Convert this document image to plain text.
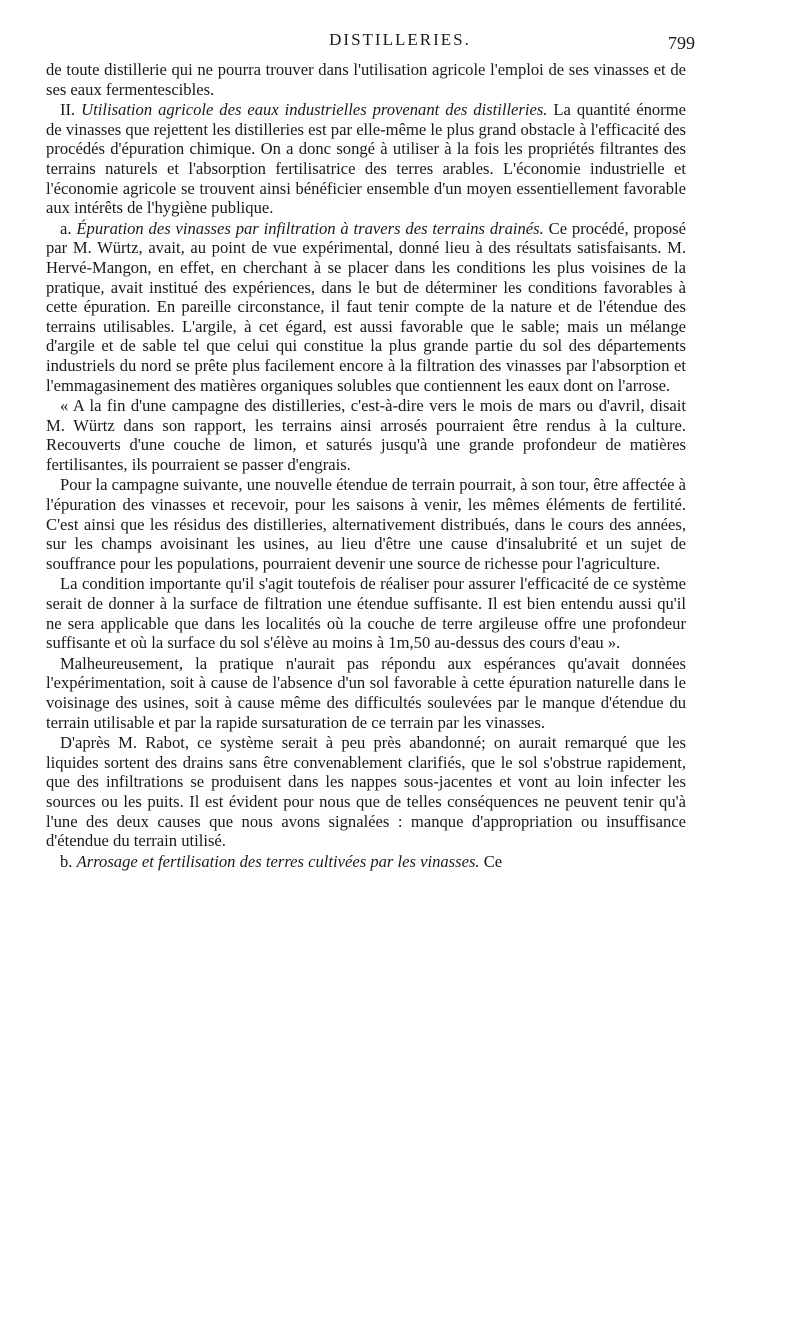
DISTILLERIES.	799

de toute distillerie qui ne pourra trouver dans l'utilisation agricole l'emploi de ses vinasses et de ses eaux fermentescibles.

II. Utilisation agricole des eaux industrielles provenant des distilleries. La quantité énorme de vinasses que rejettent les distilleries est par elle-même le plus grand obstacle à l'efficacité des procédés d'épuration chimique. On a donc songé à utiliser à la fois les propriétés filtrantes des terrains naturels et l'absorption fertilisatrice des terres arables. L'économie industrielle et l'économie agricole se trouvent ainsi bénéficier ensemble d'un moyen essentiellement favorable aux intérêts de l'hygiène publique.

a. Épuration des vinasses par infiltration à travers des terrains drainés. Ce procédé, proposé par M. Würtz, avait, au point de vue expérimental, donné lieu à des résultats satisfaisants. M. Hervé-Mangon, en effet, en cherchant à se placer dans les conditions les plus voisines de la pratique, avait institué des expériences, dans le but de déterminer les conditions favorables à cette épuration. En pareille circonstance, il faut tenir compte de la nature et de l'étendue des terrains utilisables. L'argile, à cet égard, est aussi favorable que le sable; mais un mélange d'argile et de sable tel que celui qui constitue la plus grande partie du sol des départements industriels du nord se prête plus facilement encore à la filtration des vinasses par l'absorption et l'emmagasinement des matières organiques solubles que contiennent les eaux dont on l'arrose.

« A la fin d'une campagne des distilleries, c'est-à-dire vers le mois de mars ou d'avril, disait M. Würtz dans son rapport, les terrains ainsi arrosés pourraient être rendus à la culture. Recouverts d'une couche de limon, et saturés jusqu'à une grande profondeur de matières fertilisantes, ils pourraient se passer d'engrais.

Pour la campagne suivante, une nouvelle étendue de terrain pourrait, à son tour, être affectée à l'épuration des vinasses et recevoir, pour les saisons à venir, les mêmes éléments de fertilité. C'est ainsi que les résidus des distilleries, alternativement distribués, dans le cours des années, sur les champs avoisinant les usines, au lieu d'être une cause d'insalubrité et un sujet de souffrance pour les populations, pourraient devenir une source de richesse pour l'agriculture.

La condition importante qu'il s'agit toutefois de réaliser pour assurer l'efficacité de ce système serait de donner à la surface de filtration une étendue suffisante. Il est bien entendu aussi qu'il ne sera applicable que dans les localités où la couche de terre argileuse offre une profondeur suffisante et où la surface du sol s'élève au moins à 1m,50 au-dessus des cours d'eau ».

Malheureusement, la pratique n'aurait pas répondu aux espérances qu'avait données l'expérimentation, soit à cause de l'absence d'un sol favorable à cette épuration naturelle dans le voisinage des usines, soit à cause même des difficultés soulevées par le manque d'étendue du terrain utilisable et par la rapide sursaturation de ce terrain par les vinasses.

D'après M. Rabot, ce système serait à peu près abandonné; on aurait remarqué que les liquides sortent des drains sans être convenablement clarifiés, que le sol s'obstrue rapidement, que des infiltrations se produisent dans les nappes sous-jacentes et vont au loin infecter les sources ou les puits. Il est évident pour nous que de telles conséquences ne peuvent tenir qu'à l'une des deux causes que nous avons signalées : manque d'appropriation ou insuffisance d'étendue du terrain utilisé.

b. Arrosage et fertilisation des terres cultivées par les vinasses. Ce
